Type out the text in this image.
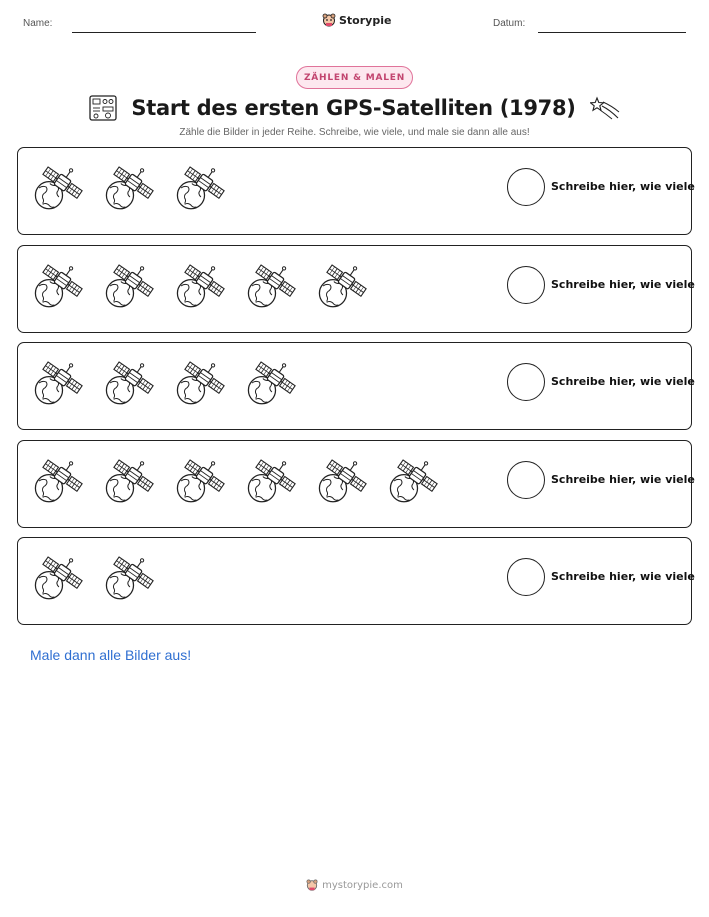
Name:	Storypie	Datum:
ZÄHLEN & MALEN
Start des ersten GPS-Satelliten (1978)
Zähle die Bilder in jeder Reihe. Schreibe, wie viele, und male sie dann alle aus!
Schreibe hier, wie viele
Schreibe hier, wie viele
Schreibe hier, wie viele
Schreibe hier, wie viele
Schreibe hier, wie viele
Male dann alle Bilder aus!
mystorypie.com
